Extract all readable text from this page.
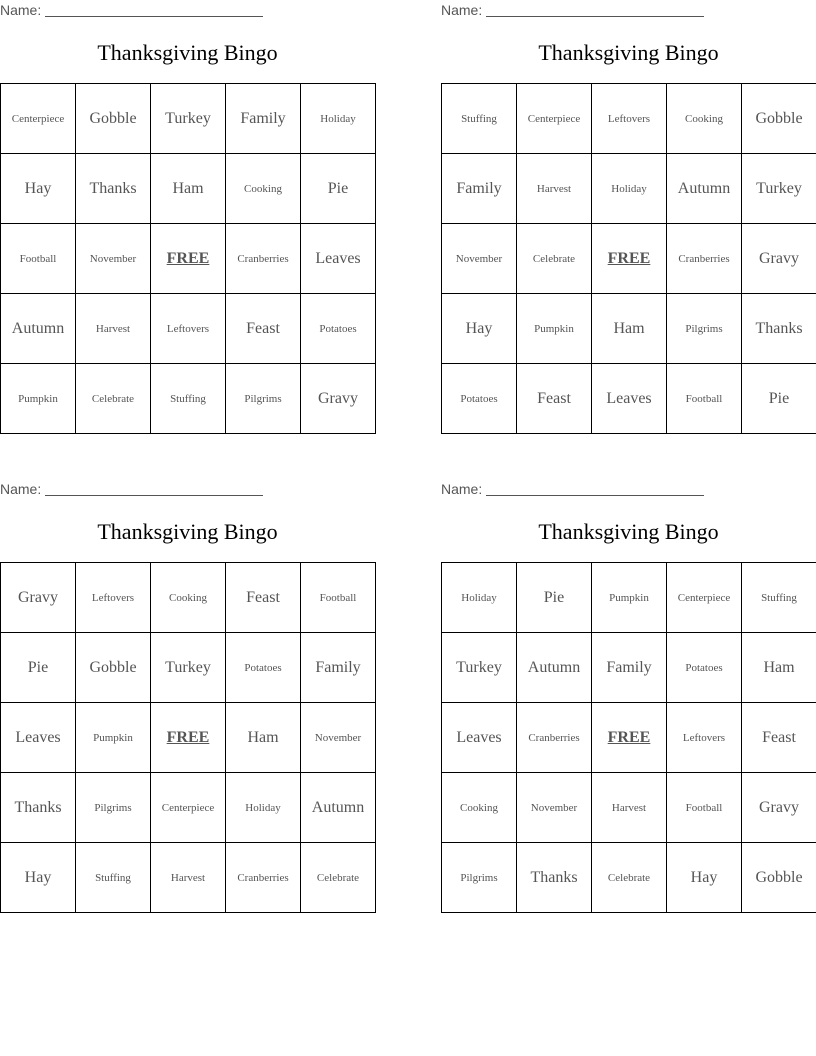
Name:
Thanksgiving Bingo
Centerpiece	Gobble	Turkey	Family	Holiday
Hay	Thanks	Ham	Cooking	Pie
Football	November	FREE	Cranberries	Leaves
Autumn	Harvest	Leftovers	Feast	Potatoes
Pumpkin	Celebrate	Stuffing	Pilgrims	Gravy
Name:
Thanksgiving Bingo
Stuffing	Centerpiece	Leftovers	Cooking	Gobble
Family	Harvest	Holiday	Autumn	Turkey
November	Celebrate	FREE	Cranberries	Gravy
Hay	Pumpkin	Ham	Pilgrims	Thanks
Potatoes	Feast	Leaves	Football	Pie
Name:
Thanksgiving Bingo
Gravy	Leftovers	Cooking	Feast	Football
Pie	Gobble	Turkey	Potatoes	Family
Leaves	Pumpkin	FREE	Ham	November
Thanks	Pilgrims	Centerpiece	Holiday	Autumn
Hay	Stuffing	Harvest	Cranberries	Celebrate
Name:
Thanksgiving Bingo
Holiday	Pie	Pumpkin	Centerpiece	Stuffing
Turkey	Autumn	Family	Potatoes	Ham
Leaves	Cranberries	FREE	Leftovers	Feast
Cooking	November	Harvest	Football	Gravy
Pilgrims	Thanks	Celebrate	Hay	Gobble
